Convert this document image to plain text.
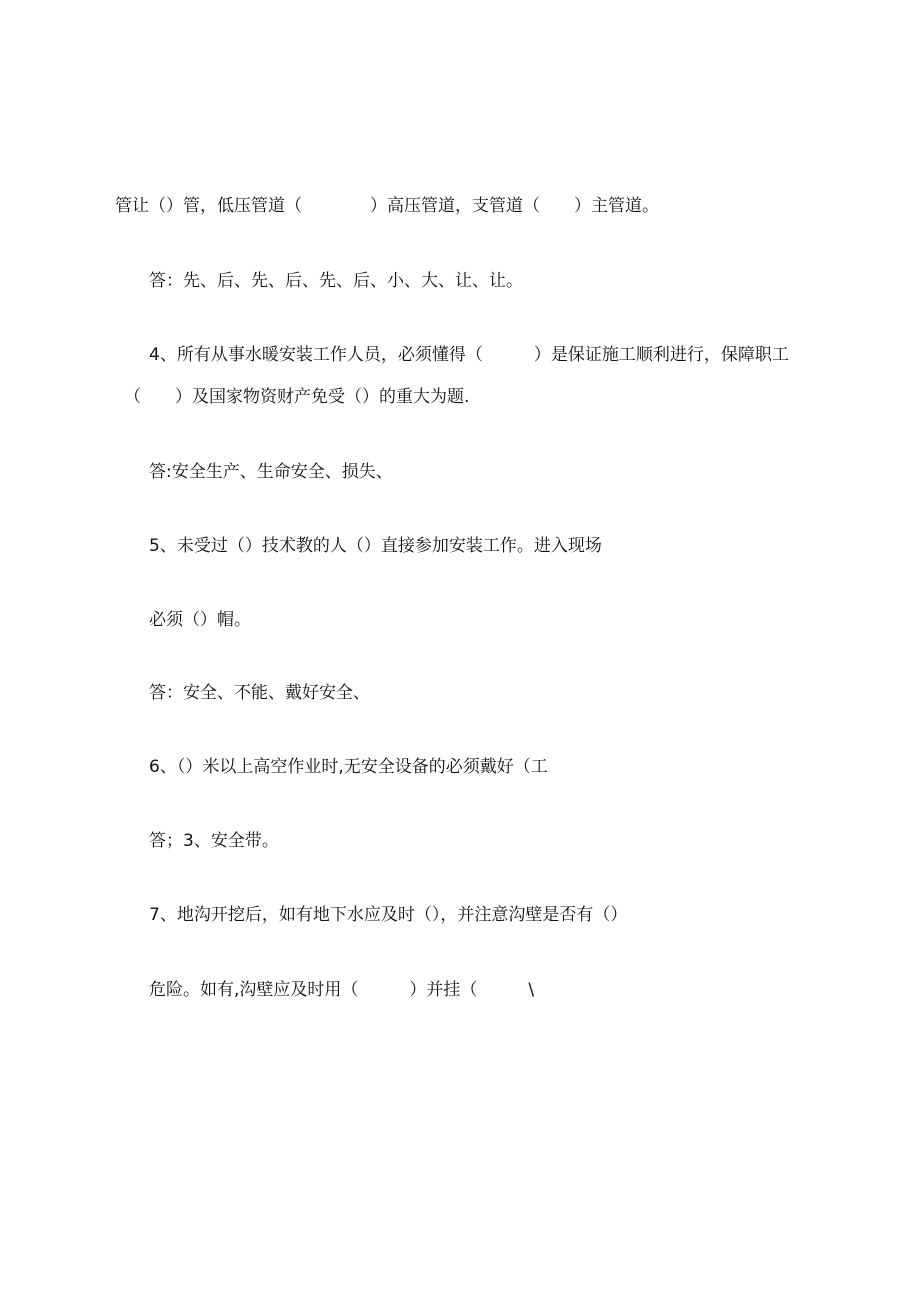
管让（）管，低压管道（　　　　）高压管道，支管道（　　）主管道。

答：先、后、先、后、先、后、小、大、让、让。

4、所有从事水暖安装工作人员，必须懂得（　　　）是保证施工顺利进行，保障职工

（　　）及国家物资财产免受（）的重大为题.

答:安全生产、生命安全、损失、

5、未受过（）技术教的人（）直接参加安装工作。进入现场

必须（）帽。

答：安全、不能、戴好安全、

6、（）米以上高空作业时,无安全设备的必须戴好（工

答；3、安全带。

7、地沟开挖后，如有地下水应及时（），并注意沟壁是否有（）

危险。如有,沟壁应及时用（　　　）并挂（　　　\
